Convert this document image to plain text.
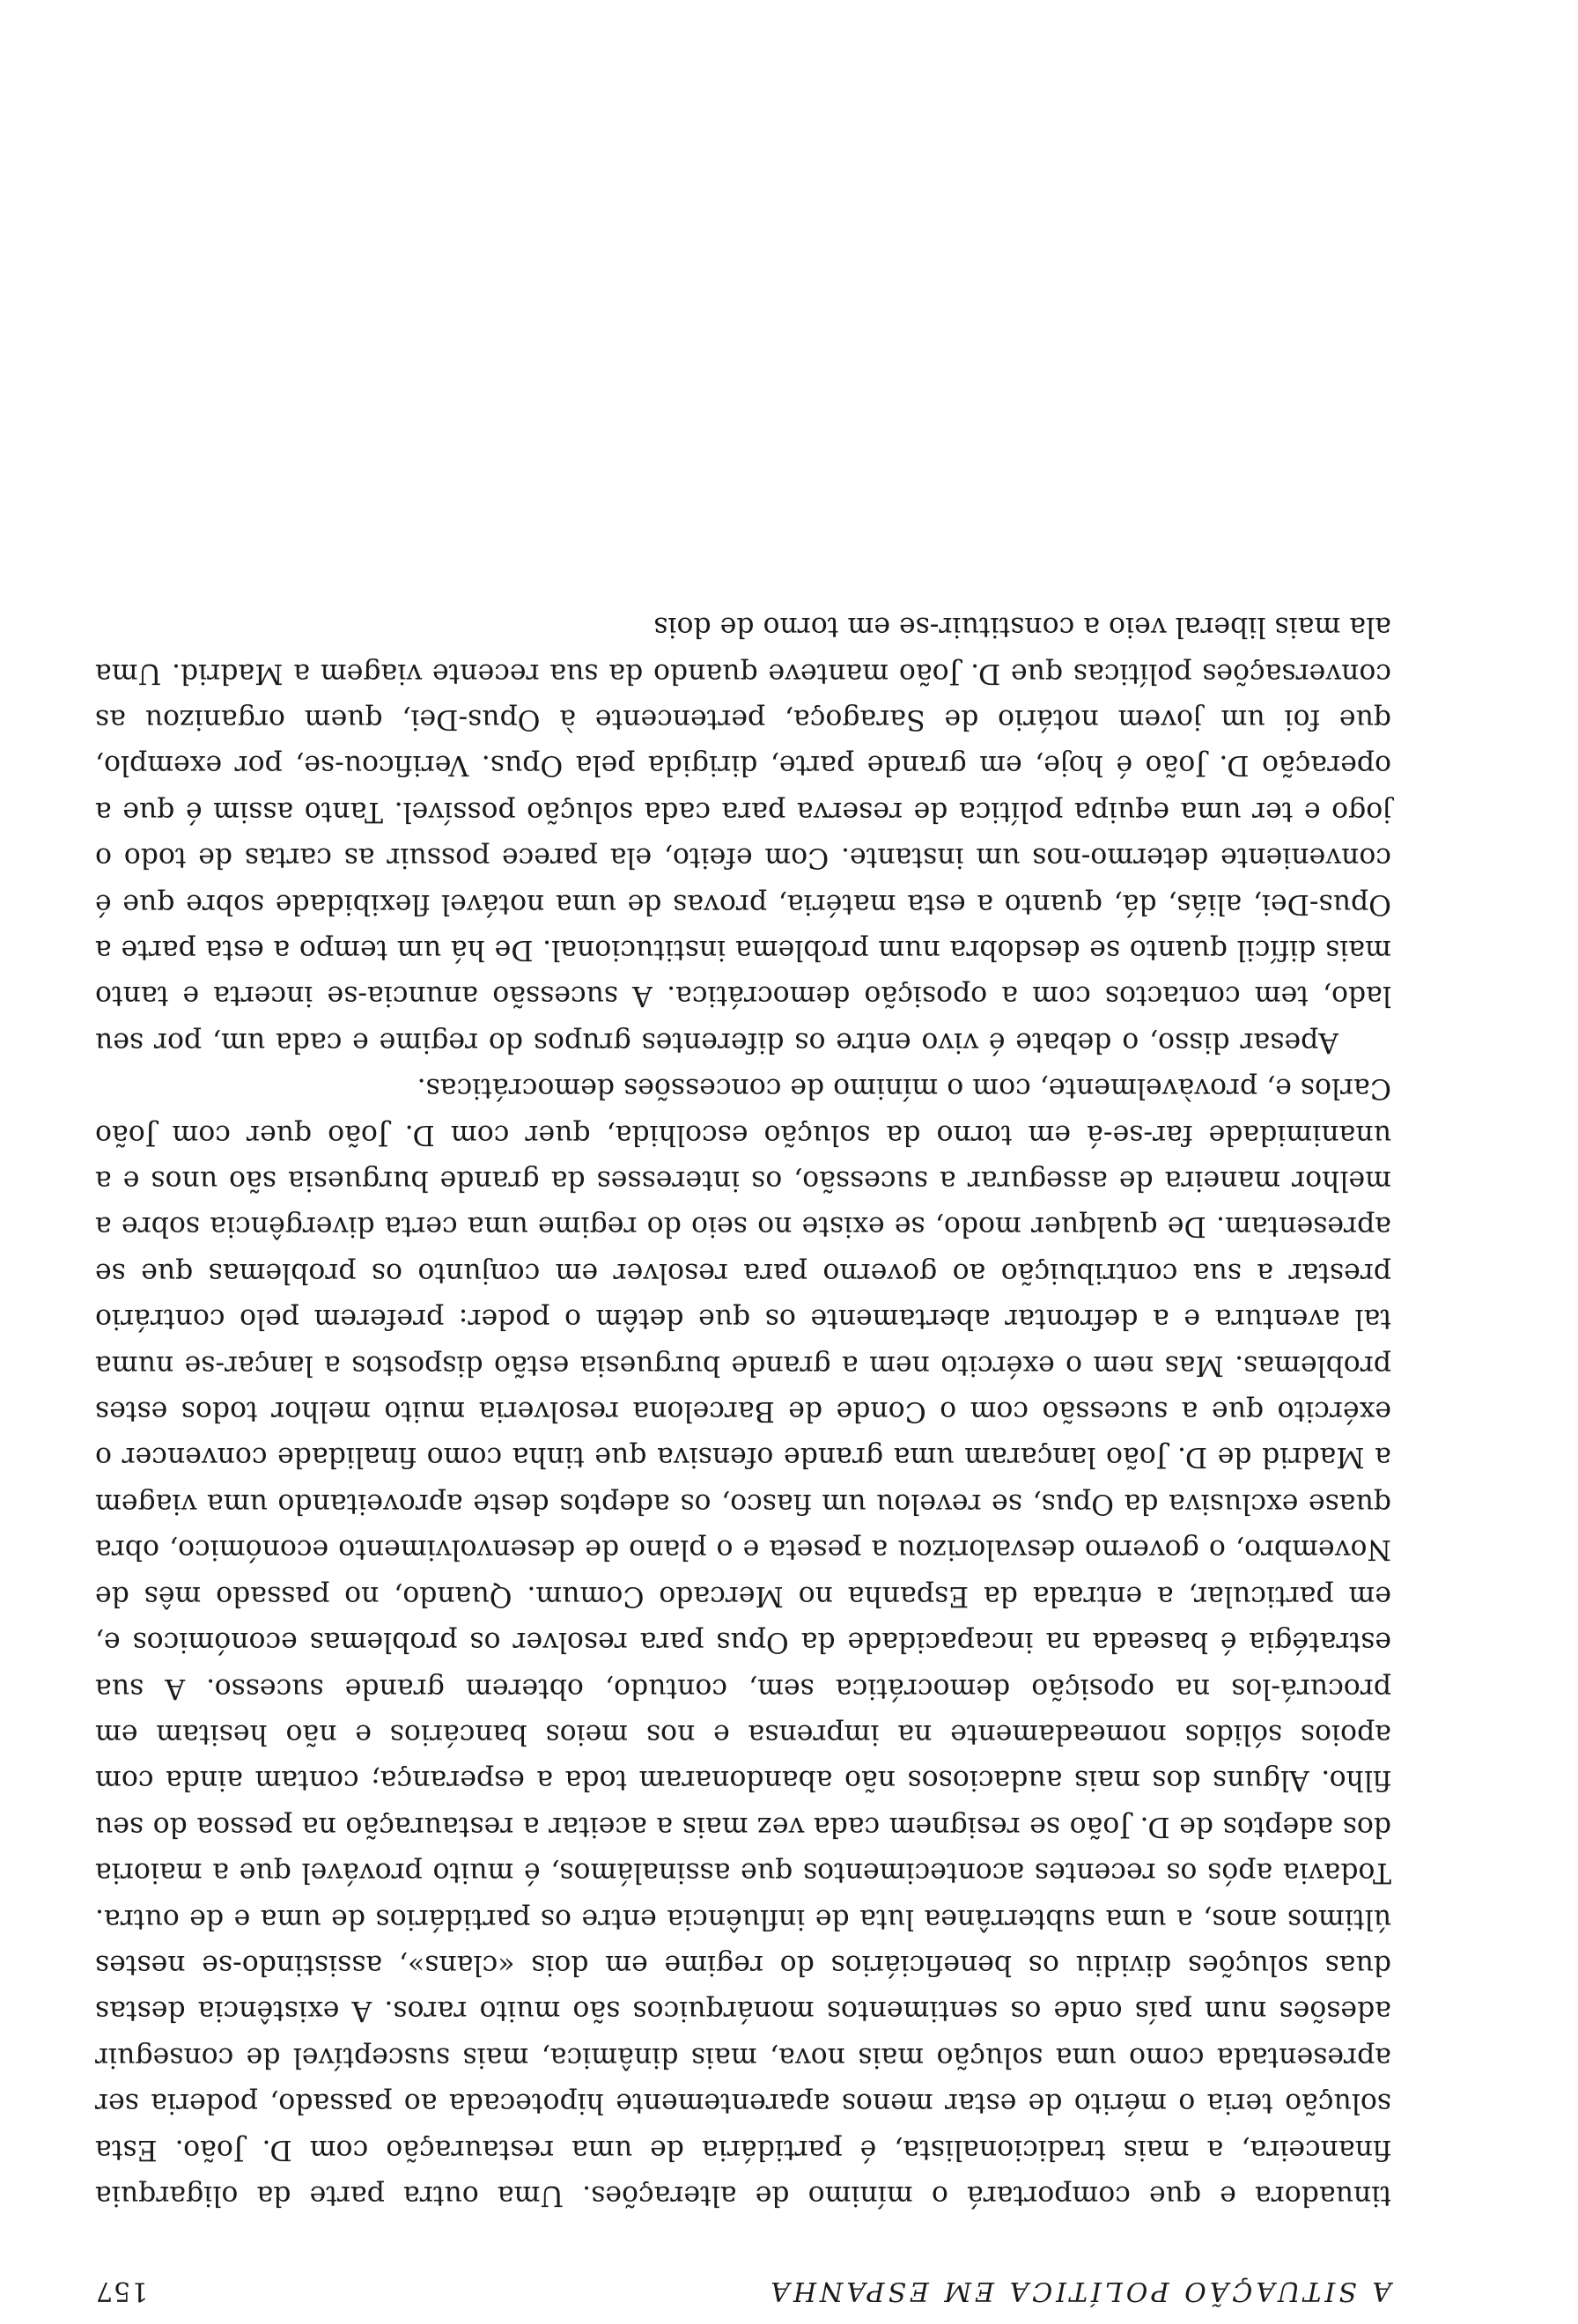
A SITUAÇÃO POLÍTICA EM ESPANHA
157

tinuadora e que comportará o mínimo de alterações. Uma outra parte da oligarquia financeira, a mais tradicionalista, é partidária de uma restauração com D. João. Esta solução teria o mérito de estar menos aparentemente hipotecada ao passado, poderia ser apresentada como uma solução mais nova, mais dinâmica, mais susceptível de conseguir adesões num país onde os sentimentos monárquicos são muito raros. A existência destas duas soluções dividiu os beneficiários do regime em dois «clans», assistindo-se nestes últimos anos, a uma subterrânea luta de influência entre os partidários de uma e de outra. Todavia após os recentes acontecimentos que assinalámos, é muito provável que a maioria dos adeptos de D. João se resignem cada vez mais a aceitar a restauração na pessoa do seu filho. Alguns dos mais audaciosos não abandonaram toda a esperança; contam ainda com apoios sólidos nomeadamente na imprensa e nos meios bancários e não hesitam em procurá-los na oposição democrática sem, contudo, obterem grande sucesso. A sua estratégia é baseada na incapacidade da Opus para resolver os problemas económicos e, em particular, a entrada da Espanha no Mercado Comum. Quando, no passado mês de Novembro, o governo desvalorizou a peseta e o plano de desenvolvimento económico, obra quase exclusiva da Opus, se revelou um fiasco, os adeptos deste aproveitando uma viagem a Madrid de D. João lançaram uma grande ofensiva que tinha como finalidade convencer o exército que a sucessão com o Conde de Barcelona resolveria muito melhor todos estes problemas. Mas nem o exército nem a grande burguesia estão dispostos a lançar-se numa tal aventura e a defrontar abertamente os que detêm o poder: preferem pelo contrário prestar a sua contribuição ao governo para resolver em conjunto os problemas que se apresentam. De qualquer modo, se existe no seio do regime uma certa divergência sobre a melhor maneira de assegurar a sucessão, os interesses da grande burguesia são unos e a unanimidade far-se-á em torno da solução escolhida, quer com D. João quer com João Carlos e, provàvelmente, com o mínimo de concessões democráticas.

Apesar disso, o debate é vivo entre os diferentes grupos do regime e cada um, por seu lado, tem contactos com a oposição democrática. A sucessão anuncia-se incerta e tanto mais difícil quanto se desdobra num problema institucional. De há um tempo a esta parte a Opus-Dei, aliás, dá, quanto a esta matéria, provas de uma notável flexibidade sobre que é conveniente determo-nos um instante. Com efeito, ela parece possuir as cartas de todo o jogo e ter uma equipa política de reserva para cada solução possível. Tanto assim é que a operação D. João é hoje, em grande parte, dirigida pela Opus. Verificou-se, por exemplo, que foi um jovem notário de Saragoça, pertencente à Opus-Dei, quem organizou as conversações políticas que D. João manteve quando da sua recente viagem a Madrid. Uma ala mais liberal veio a constituir-se em torno de dois
